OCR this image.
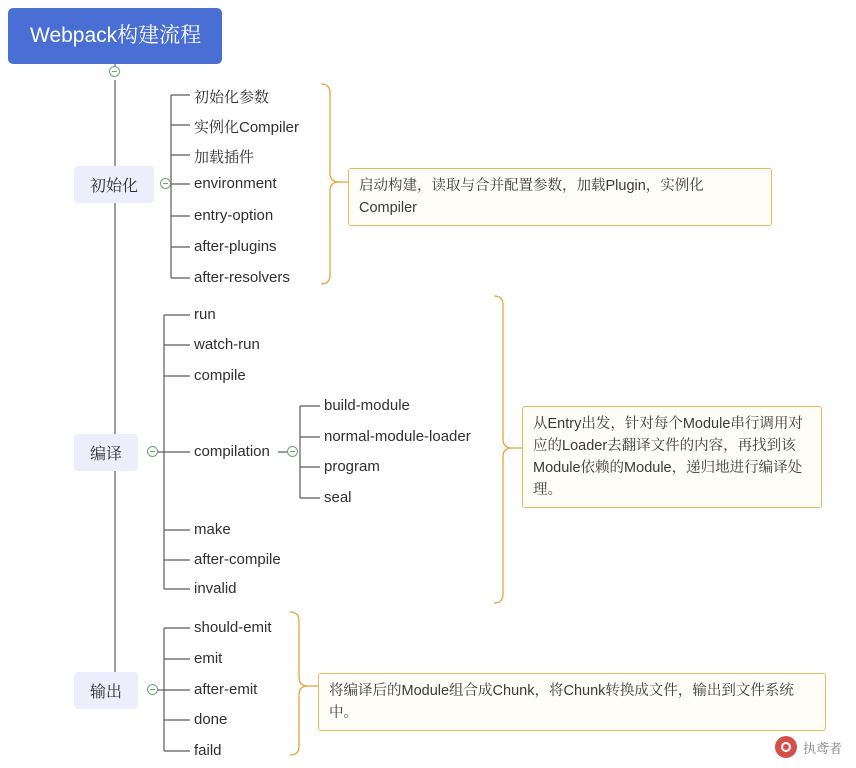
Webpack构建流程
初始化
编译
输出
初始化参数
实例化Compiler
加载插件
environment
entry-option
after-plugins
after-resolvers
启动构建，读取与合并配置参数，加载Plugin，实例化Compiler
run
watch-run
compile
compilation
make
after-compile
invalid
build-module
normal-module-loader
program
seal
从Entry出发，针对每个Module串行调用对应的Loader去翻译文件的内容，再找到该Module依赖的Module，递归地进行编译处理。
should-emit
emit
after-emit
done
faild
将编译后的Module组合成Chunk，将Chunk转换成文件，输出到文件系统中。
执鸢者
